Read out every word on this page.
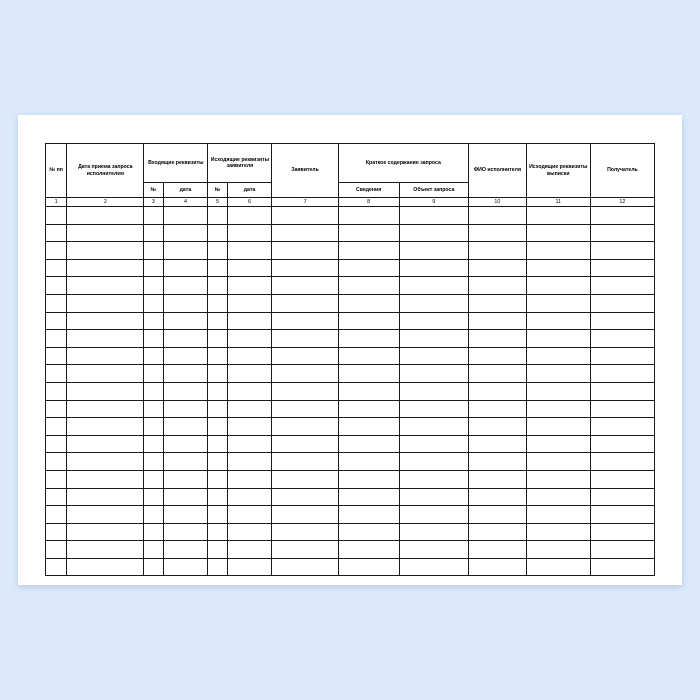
№ пп	Дата приема запроса исполнителем	Входящие реквизиты		Исходящие реквизиты заявителя		Заявитель	Краткое содержание запроса		ФИО исполнителя	Исходящие реквизиты выписки	Получатель
		№	дата	№	дата		Сведения	Объект запроса			
1	2	3	4	5	6	7	8	9	10	11	12
